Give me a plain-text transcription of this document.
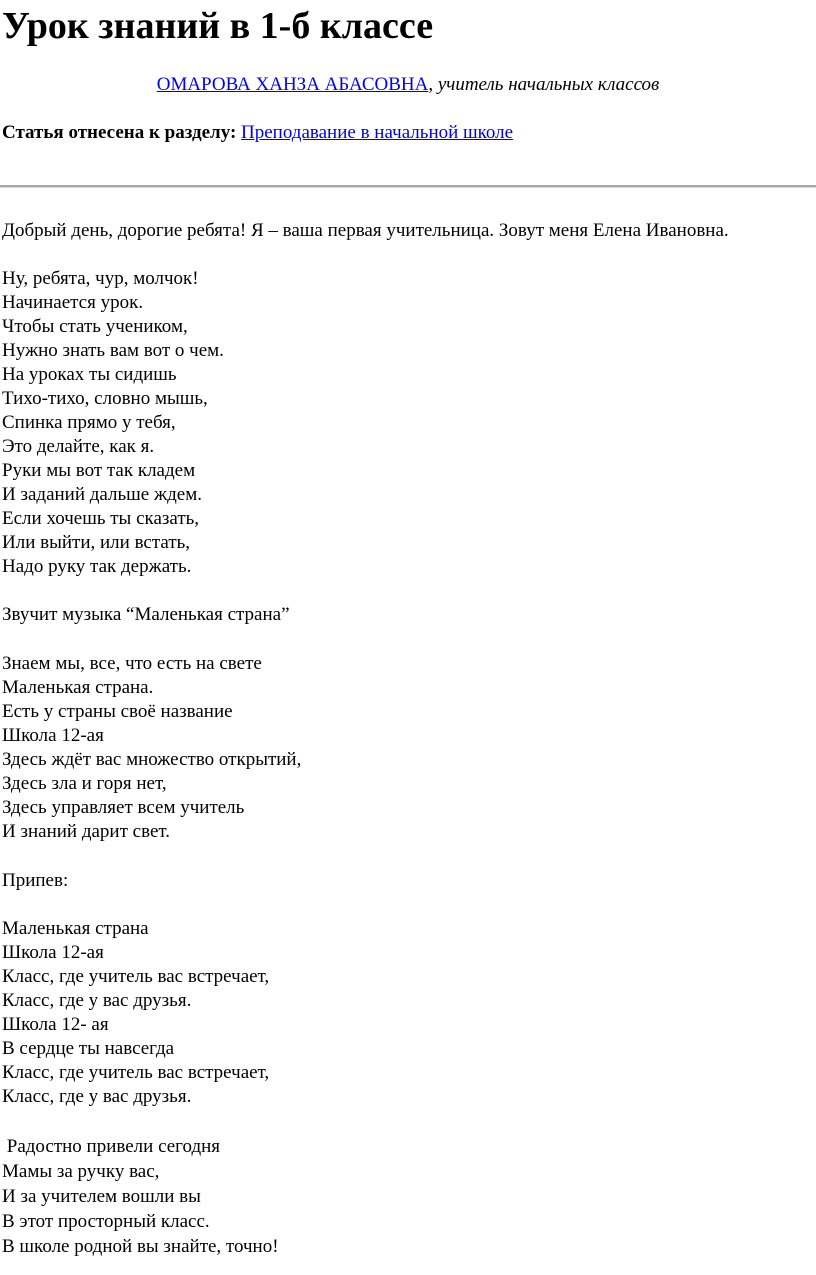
Урок знаний в 1-б классе
ОМАРОВА ХАНЗА АБАСОВНА, учитель начальных классов
Статья отнесена к разделу: Преподавание в начальной школе
Добрый день, дорогие ребята! Я – ваша первая учительница. Зовут меня Елена Ивановна.
Ну, ребята, чур, молчок!
Начинается урок.
Чтобы стать учеником,
Нужно знать вам вот о чем.
На уроках ты сидишь
Тихо-тихо, словно мышь,
Спинка прямо у тебя,
Это делайте, как я.
Руки мы вот так кладем
И заданий дальше ждем.
Если хочешь ты сказать,
Или выйти, или встать,
Надо руку так держать.
Звучит музыка “Маленькая страна”
Знаем мы, все, что есть на свете
Маленькая страна.
Есть у страны своё название
Школа 12-ая
Здесь ждёт вас множество открытий,
Здесь зла и горя нет,
Здесь управляет всем учитель
И знаний дарит свет.
Припев:
Маленькая страна
Школа 12-ая
Класс, где учитель вас встречает,
Класс, где у вас друзья.
Школа 12- ая
В сердце ты навсегда
Класс, где учитель вас встречает,
Класс, где у вас друзья.
Радостно привели сегодня
Мамы за ручку вас,
И за учителем вошли вы
В этот просторный класс.
В школе родной вы знайте, точно!
